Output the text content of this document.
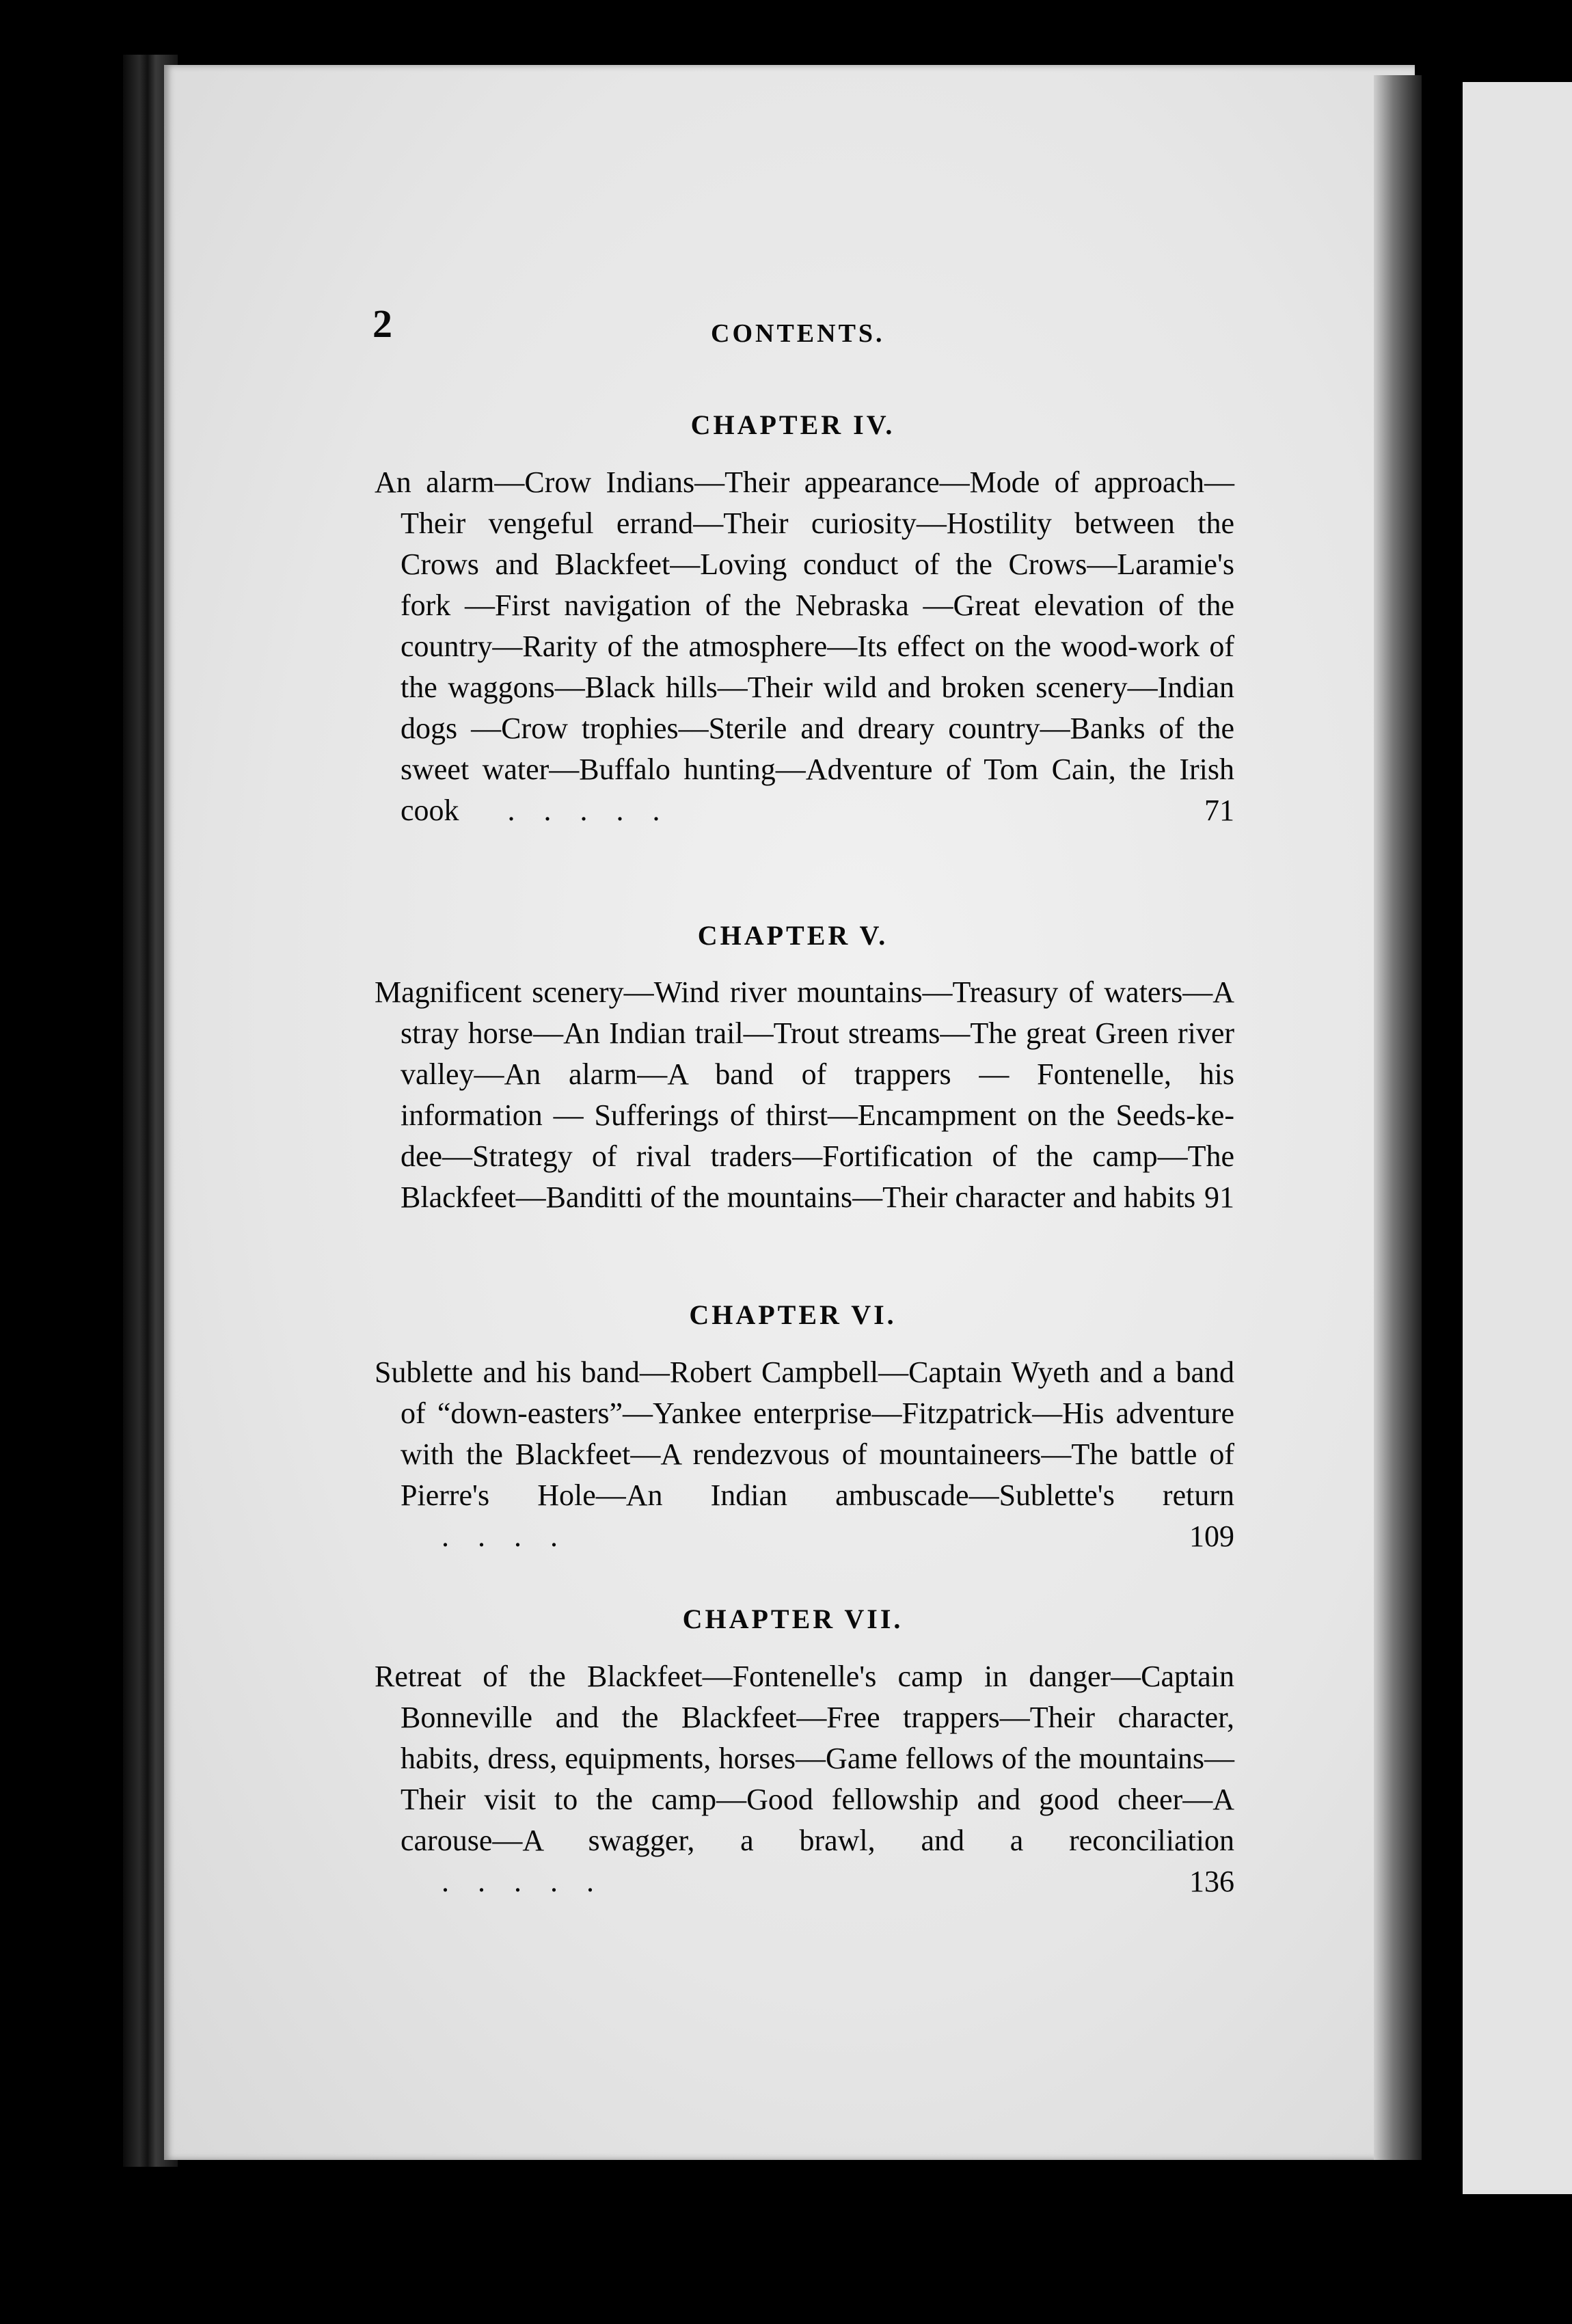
2	CONTENTS.

CHAPTER IV.

An alarm—Crow Indians—Their appearance—Mode of approach—Their vengeful errand—Their curiosity—Hostility between the Crows and Blackfeet—Loving conduct of the Crows—Laramie's fork —First navigation of the Nebraska —Great elevation of the country—Rarity of the atmosphere—Its effect on the wood-work of the waggons—Black hills—Their wild and broken scenery—Indian dogs —Crow trophies—Sterile and dreary country—Banks of the sweet water—Buffalo hunting—Adventure of Tom Cain, the Irish cook .....	71

CHAPTER V.

Magnificent scenery—Wind river mountains—Treasury of waters—A stray horse—An Indian trail—Trout streams—The great Green river valley—An alarm—A band of trappers — Fontenelle, his information — Sufferings of thirst—Encampment on the Seeds-ke-dee—Strategy of rival traders—Fortification of the camp—The Blackfeet—Banditti of the mountains—Their character and habits 91

CHAPTER VI.

Sublette and his band—Robert Campbell—Captain Wyeth and a band of “down-easters”—Yankee enterprise—Fitzpatrick—His adventure with the Blackfeet—A rendezvous of mountaineers—The battle of Pierre's Hole—An Indian ambuscade—Sublette's return ....	109

CHAPTER VII.

Retreat of the Blackfeet—Fontenelle's camp in danger—Captain Bonneville and the Blackfeet—Free trappers—Their character, habits, dress, equipments, horses—Game fellows of the mountains—Their visit to the camp—Good fellowship and good cheer—A carouse—A swagger, a brawl, and a reconciliation .....	136
